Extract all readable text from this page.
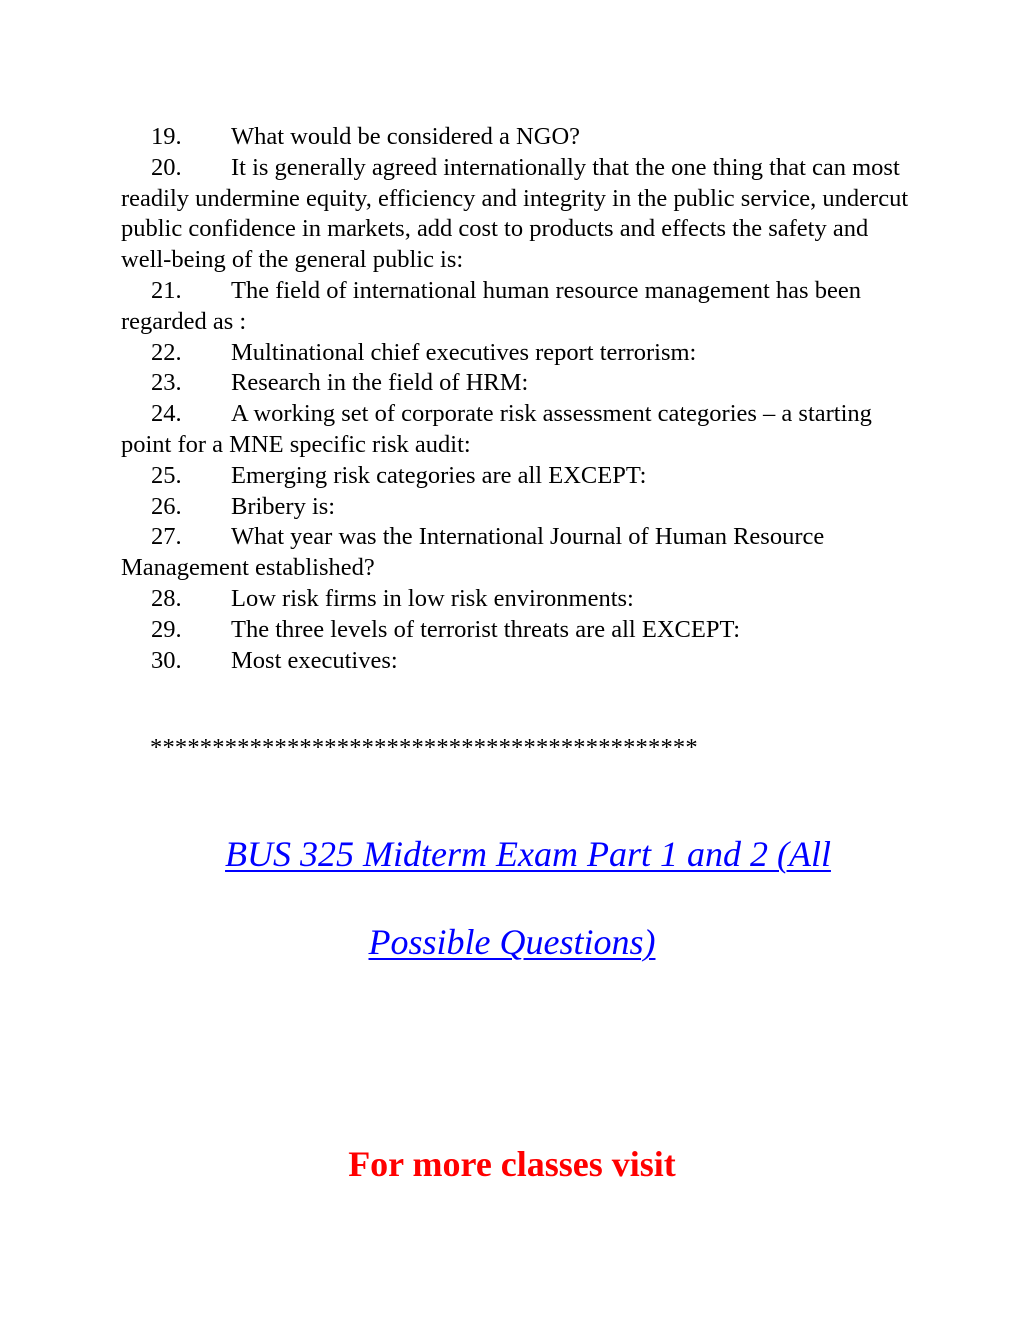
19. What would be considered a NGO?

20. It is generally agreed internationally that the one thing that can most readily undermine equity, efficiency and integrity in the public service, undercut public confidence in markets, add cost to products and effects the safety and well-being of the general public is:

21. The field of international human resource management has been regarded as :

22. Multinational chief executives report terrorism:

23. Research in the field of HRM:

24. A working set of corporate risk assessment categories – a starting point for a MNE specific risk audit:

25. Emerging risk categories are all EXCEPT:

26. Bribery is:

27. What year was the International Journal of Human Resource Management established?

28. Low risk firms in low risk environments:

29. The three levels of terrorist threats are all EXCEPT:

30. Most executives:

********************************************
BUS 325 Midterm Exam Part 1 and 2 (All
Possible Questions)
For more classes visit
